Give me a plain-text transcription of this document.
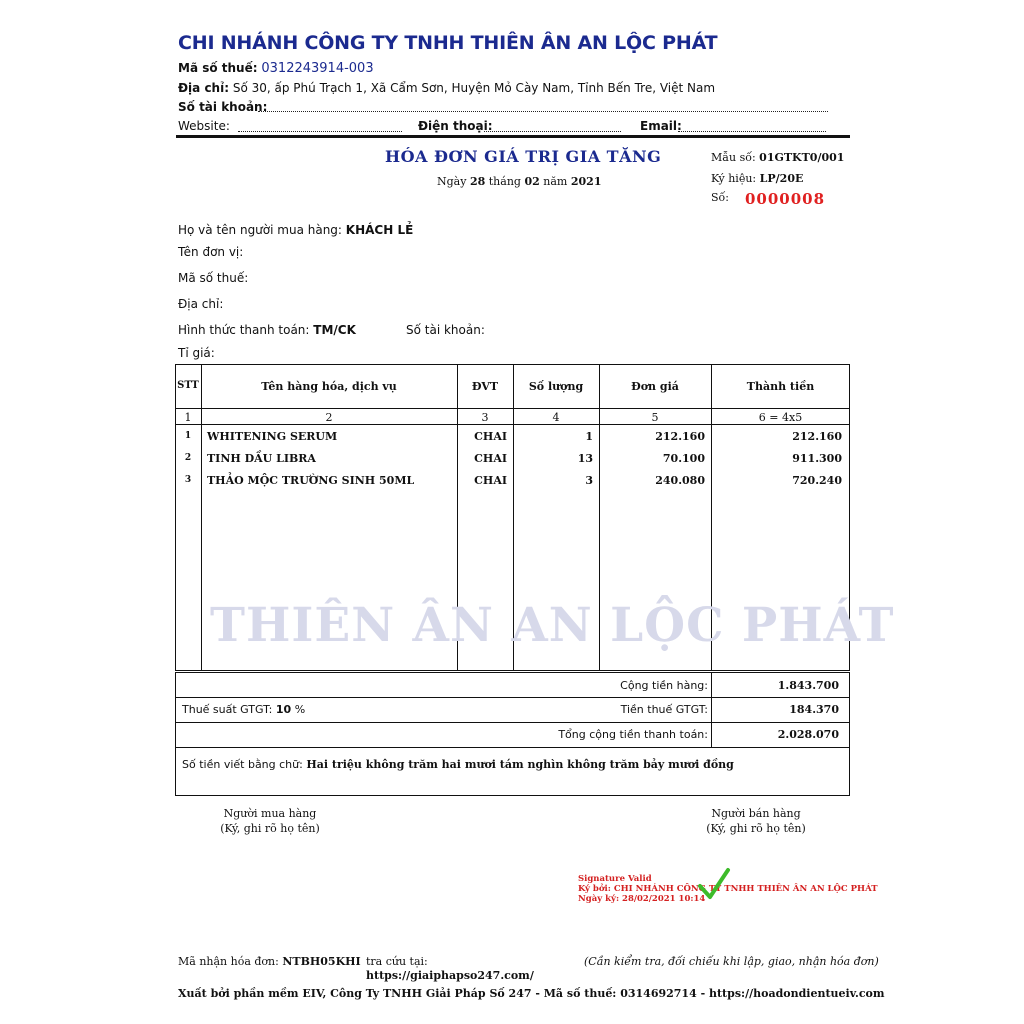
CHI NHÁNH CÔNG TY TNHH THIÊN ÂN AN LỘC PHÁT
Mã số thuế: 0312243914-003
Địa chỉ: Số 30, ấp Phú Trạch 1, Xã Cẩm Sơn, Huyện Mỏ Cày Nam, Tỉnh Bến Tre, Việt Nam
Số tài khoản:
Website:	Điện thoại:	Email:
HÓA ĐƠN GIÁ TRỊ GIA TĂNG
Ngày 28 tháng 02 năm 2021
Mẫu số: 01GTKT0/001
Ký hiệu: LP/20E
Số: 0000008
Họ và tên người mua hàng: KHÁCH LẺ
Tên đơn vị:
Mã số thuế:
Địa chỉ:
Hình thức thanh toán: TM/CK	Số tài khoản:
Tỉ giá:
STT	Tên hàng hóa, dịch vụ	ĐVT	Số lượng	Đơn giá	Thành tiền
1	2	3	4	5	6 = 4x5
1	WHITENING SERUM	CHAI	1	212.160	212.160
2	TINH DẦU LIBRA	CHAI	13	70.100	911.300
3	THẢO MỘC TRƯỜNG SINH 50ML	CHAI	3	240.080	720.240
THIÊN ÂN AN LỘC PHÁT
Cộng tiền hàng:	1.843.700
Thuế suất GTGT: 10 %	Tiền thuế GTGT:	184.370
Tổng cộng tiền thanh toán:	2.028.070
Số tiền viết bằng chữ: Hai triệu không trăm hai mươi tám nghìn không trăm bảy mươi đồng
Người mua hàng
(Ký, ghi rõ họ tên)
Người bán hàng
(Ký, ghi rõ họ tên)
Signature Valid
Ký bởi: CHI NHÁNH CÔNG TY TNHH THIÊN ÂN AN LỘC PHÁT
Ngày ký: 28/02/2021 10:14
Mã nhận hóa đơn: NTBH05KHI tra cứu tại:
https://giaiphapso247.com/
(Cần kiểm tra, đối chiếu khi lập, giao, nhận hóa đơn)
Xuất bởi phần mềm EIV, Công Ty TNHH Giải Pháp Số 247 - Mã số thuế: 0314692714 - https://hoadondientueiv.com
